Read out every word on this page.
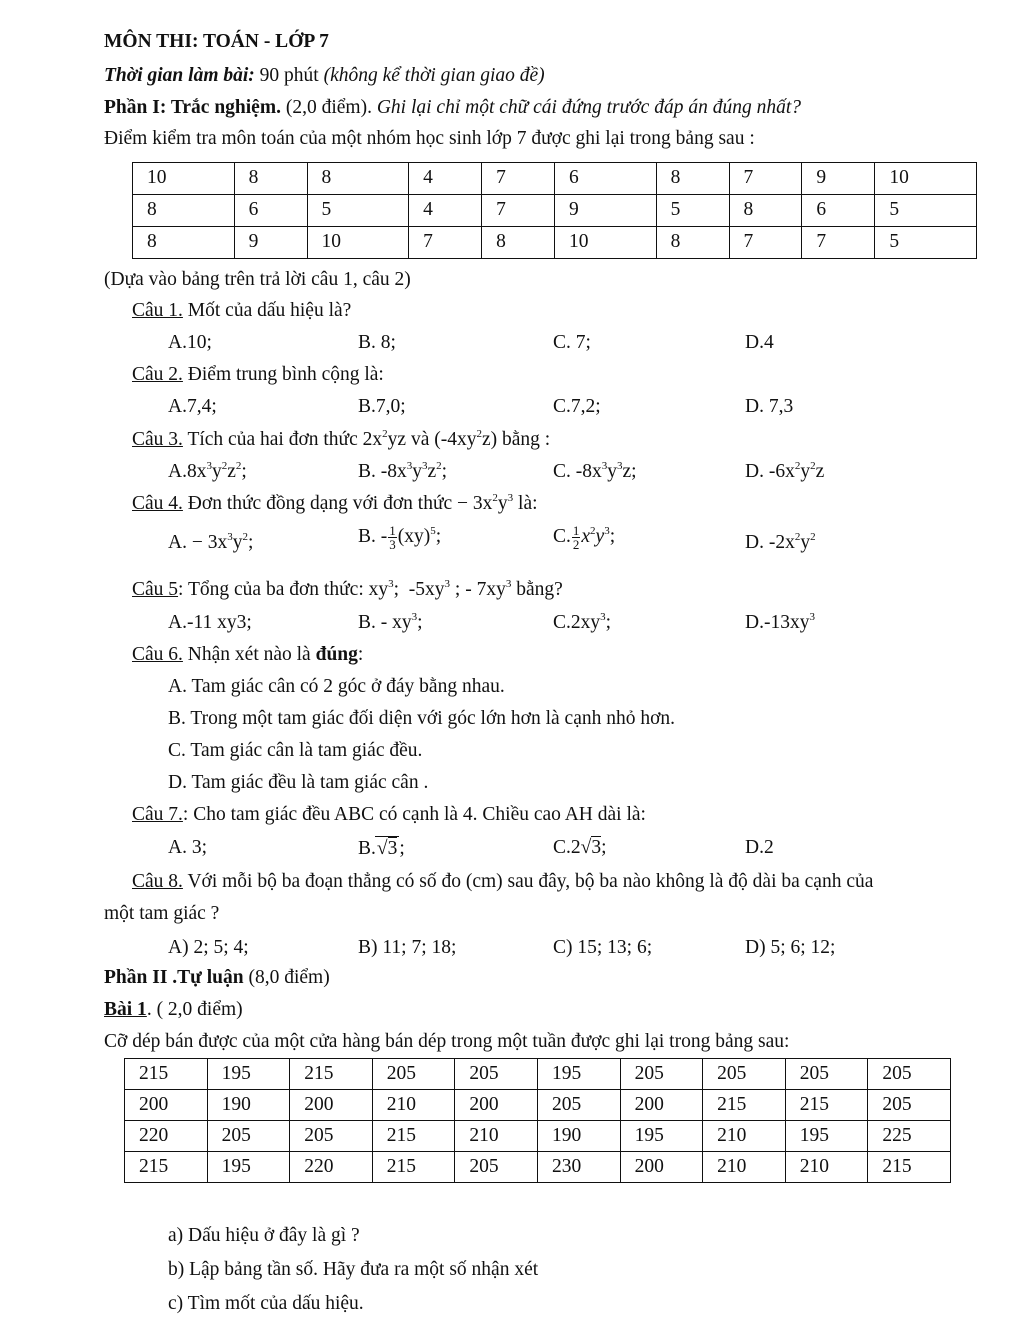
MÔN THI: TOÁN - LỚP 7
Thời gian làm bài: 90 phút (không kể thời gian giao đề)
Phần I: Trắc nghiệm. (2,0 điểm). Ghi lại chỉ một chữ cái đứng trước đáp án đúng nhất?
Điểm kiểm tra môn toán của một nhóm học sinh lớp 7 được ghi lại trong bảng sau :
10	8	8	4	7	6	8	7	9	10
8	6	5	4	7	9	5	8	6	5
8	9	10	7	8	10	8	7	7	5
(Dựa vào bảng trên trả lời câu 1, câu 2)
Câu 1. Mốt của dấu hiệu là?
A.10;	B. 8;	C. 7;	D.4
Câu 2. Điểm trung bình cộng là:
A.7,4;	B.7,0;	C.7,2;	D. 7,3
Câu 3. Tích của hai đơn thức $2x^2yz$ và $(-4xy^2z)$ bằng :
$A.8x^3y^2z^2$;	B. $-8x^3y^3z^2$;	C. $-8x^3y^3z$;	D. $-6x^2y^2z$
Câu 4. Đơn thức đồng dạng với đơn thức − $3x^2y^3$ là:
A. − $3x^3y^2$;	B. - $\frac{1}{3} (xy)^5$;	C. $\frac{1}{2} x^2y^3$;	D. $-2x^2y^2$
Câu 5: Tổng của ba đơn thức: $xy^3$;  $-5xy^3$ ; - $7xy^3$ bằng?
A.-11 xy3;	B. - $xy^3$;	$C.2xy^3$;	$D.-13xy^3$
Câu 6. Nhận xét nào là đúng:
A. Tam giác cân có 2 góc ở đáy bằng nhau.
B. Trong một tam giác đối diện với góc lớn hơn là cạnh nhỏ hơn.
C. Tam giác cân là tam giác đều.
D. Tam giác đều là tam giác cân .
Câu 7.: Cho tam giác đều ABC có cạnh là 4. Chiều cao AH dài là:
A. 3;	B.√3 ;	C.2√3;	D.2
Câu 8. Với mỗi bộ ba đoạn thẳng có số đo (cm) sau đây, bộ ba nào không là độ dài ba cạnh của
một tam giác ?
A) 2; 5; 4;	B) 11; 7; 18;	C) 15; 13; 6;	D) 5; 6; 12;
Phần II .Tự luận (8,0 điểm)
Bài 1. ( 2,0 điểm)
Cỡ dép bán được của một cửa hàng bán dép trong một tuần được ghi lại trong bảng sau:
215	195	215	205	205	195	205	205	205	205
200	190	200	210	200	205	200	215	215	205
220	205	205	215	210	190	195	210	195	225
215	195	220	215	205	230	200	210	210	215
a) Dấu hiệu ở đây là gì ?
b) Lập bảng tần số. Hãy đưa ra một số nhận xét
c) Tìm mốt của dấu hiệu.
